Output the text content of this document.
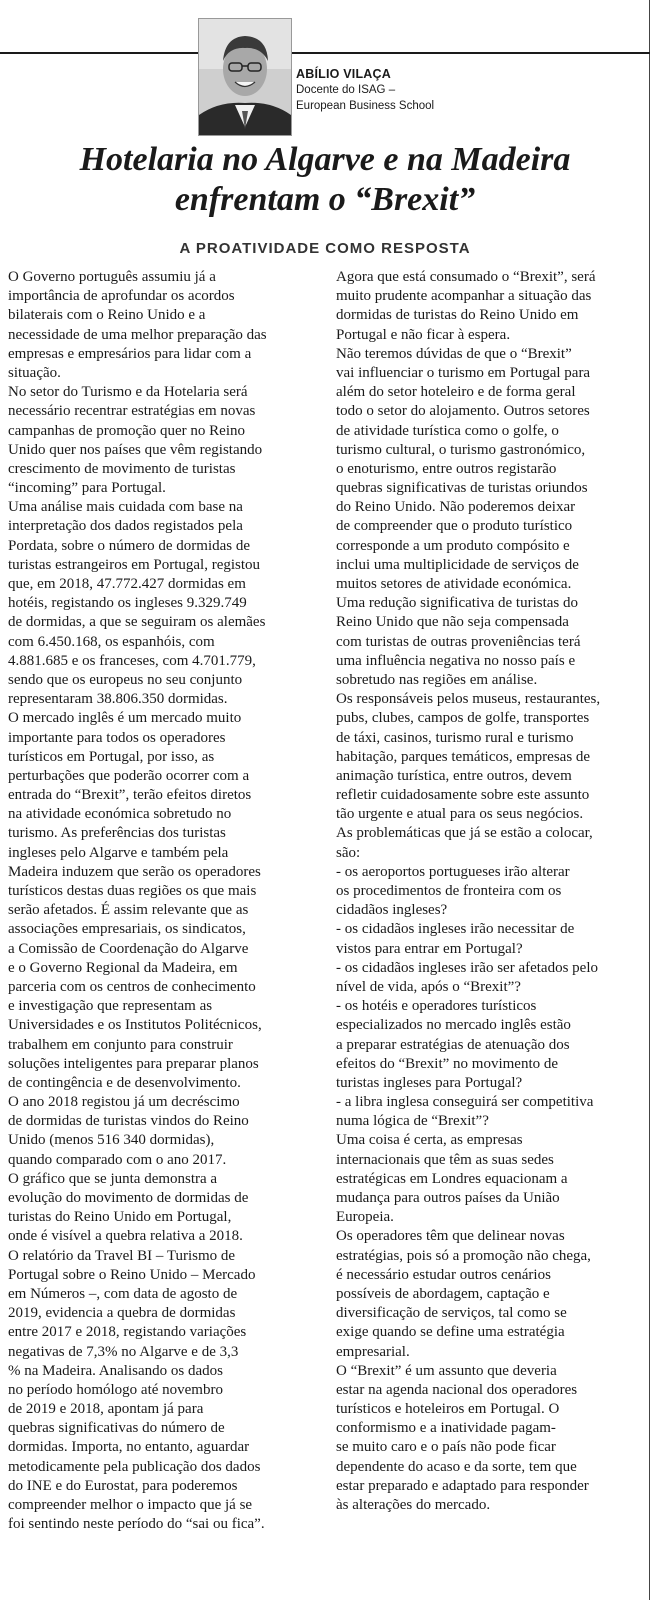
ABÍLIO VILAÇA
Docente do ISAG –
European Business School
Hotelaria no Algarve e na Madeira
enfrentam o “Brexit”
A PROATIVIDADE COMO RESPOSTA
O Governo português assumiu já a
importância de aprofundar os acordos
bilaterais com o Reino Unido e a
necessidade de uma melhor preparação das
empresas e empresários para lidar com a
situação.
No setor do Turismo e da Hotelaria será
necessário recentrar estratégias em novas
campanhas de promoção quer no Reino
Unido quer nos países que vêm registando
crescimento de movimento de turistas
“incoming” para Portugal.
Uma análise mais cuidada com base na
interpretação dos dados registados pela
Pordata, sobre o número de dormidas de
turistas estrangeiros em Portugal, registou
que, em 2018, 47.772.427 dormidas em
hotéis, registando os ingleses 9.329.749
de dormidas, a que se seguiram os alemães
com 6.450.168, os espanhóis, com
4.881.685 e os franceses, com 4.701.779,
sendo que os europeus no seu conjunto
representaram 38.806.350 dormidas.
O mercado inglês é um mercado muito
importante para todos os operadores
turísticos em Portugal, por isso, as
perturbações que poderão ocorrer com a
entrada do “Brexit”, terão efeitos diretos
na atividade económica sobretudo no
turismo. As preferências dos turistas
ingleses pelo Algarve e também pela
Madeira induzem que serão os operadores
turísticos destas duas regiões os que mais
serão afetados. É assim relevante que as
associações empresariais, os sindicatos,
a Comissão de Coordenação do Algarve
e o Governo Regional da Madeira, em
parceria com os centros de conhecimento
e investigação que representam as
Universidades e os Institutos Politécnicos,
trabalhem em conjunto para construir
soluções inteligentes para preparar planos
de contingência e de desenvolvimento.
O ano 2018 registou já um decréscimo
de dormidas de turistas vindos do Reino
Unido (menos 516 340 dormidas),
quando comparado com o ano 2017.
O gráfico que se junta demonstra a
evolução do movimento de dormidas de
turistas do Reino Unido em Portugal,
onde é visível a quebra relativa a 2018.
O relatório da Travel BI – Turismo de
Portugal sobre o Reino Unido – Mercado
em Números –, com data de agosto de
2019, evidencia a quebra de dormidas
entre 2017 e 2018, registando variações
negativas de 7,3% no Algarve e de 3,3
% na Madeira. Analisando os dados
no período homólogo até novembro
de 2019 e 2018, apontam já para
quebras significativas do número de
dormidas. Importa, no entanto, aguardar
metodicamente pela publicação dos dados
do INE e do Eurostat, para poderemos
compreender melhor o impacto que já se
foi sentindo neste período do “sai ou fica”.
Agora que está consumado o “Brexit”, será
muito prudente acompanhar a situação das
dormidas de turistas do Reino Unido em
Portugal e não ficar à espera.
Não teremos dúvidas de que o “Brexit”
vai influenciar o turismo em Portugal para
além do setor hoteleiro e de forma geral
todo o setor do alojamento. Outros setores
de atividade turística como o golfe, o
turismo cultural, o turismo gastronómico,
o enoturismo, entre outros registarão
quebras significativas de turistas oriundos
do Reino Unido. Não poderemos deixar
de compreender que o produto turístico
corresponde a um produto compósito e
inclui uma multiplicidade de serviços de
muitos setores de atividade económica.
Uma redução significativa de turistas do
Reino Unido que não seja compensada
com turistas de outras proveniências terá
uma influência negativa no nosso país e
sobretudo nas regiões em análise.
Os responsáveis pelos museus, restaurantes,
pubs, clubes, campos de golfe, transportes
de táxi, casinos, turismo rural e turismo
habitação, parques temáticos, empresas de
animação turística, entre outros, devem
refletir cuidadosamente sobre este assunto
tão urgente e atual para os seus negócios.
As problemáticas que já se estão a colocar,
são:
- os aeroportos portugueses irão alterar
os procedimentos de fronteira com os
cidadãos ingleses?
- os cidadãos ingleses irão necessitar de
vistos para entrar em Portugal?
- os cidadãos ingleses irão ser afetados pelo
nível de vida, após o “Brexit”?
- os hotéis e operadores turísticos
especializados no mercado inglês estão
a preparar estratégias de atenuação dos
efeitos do “Brexit” no movimento de
turistas ingleses para Portugal?
- a libra inglesa conseguirá ser competitiva
numa lógica de “Brexit”?
Uma coisa é certa, as empresas
internacionais que têm as suas sedes
estratégicas em Londres equacionam a
mudança para outros países da União
Europeia.
Os operadores têm que delinear novas
estratégias, pois só a promoção não chega,
é necessário estudar outros cenários
possíveis de abordagem, captação e
diversificação de serviços, tal como se
exige quando se define uma estratégia
empresarial.
O “Brexit” é um assunto que deveria
estar na agenda nacional dos operadores
turísticos e hoteleiros em Portugal. O
conformismo e a inatividade pagam-
se muito caro e o país não pode ficar
dependente do acaso e da sorte, tem que
estar preparado e adaptado para responder
às alterações do mercado.
